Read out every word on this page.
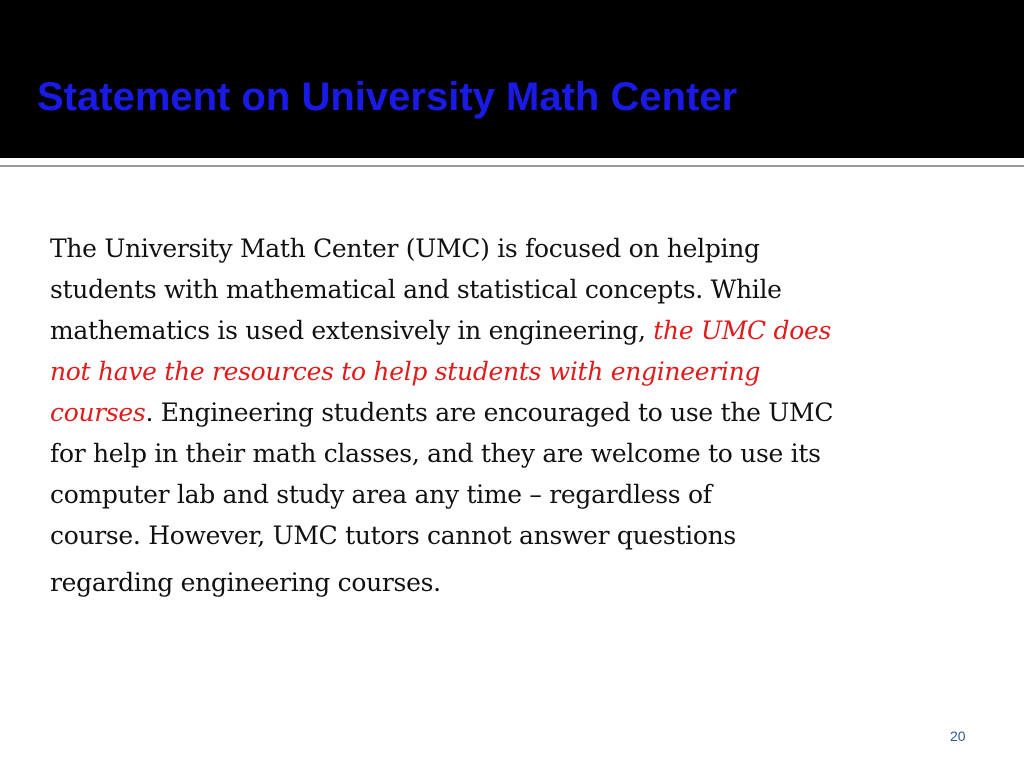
Statement on University Math Center
The University Math Center (UMC) is focused on helping
students with mathematical and statistical concepts. While
mathematics is used extensively in engineering, the UMC does
not have the resources to help students with engineering
courses. Engineering students are encouraged to use the UMC
for help in their math classes, and they are welcome to use its
computer lab and study area any time – regardless of
course. However, UMC tutors cannot answer questions
regarding engineering courses.
20
